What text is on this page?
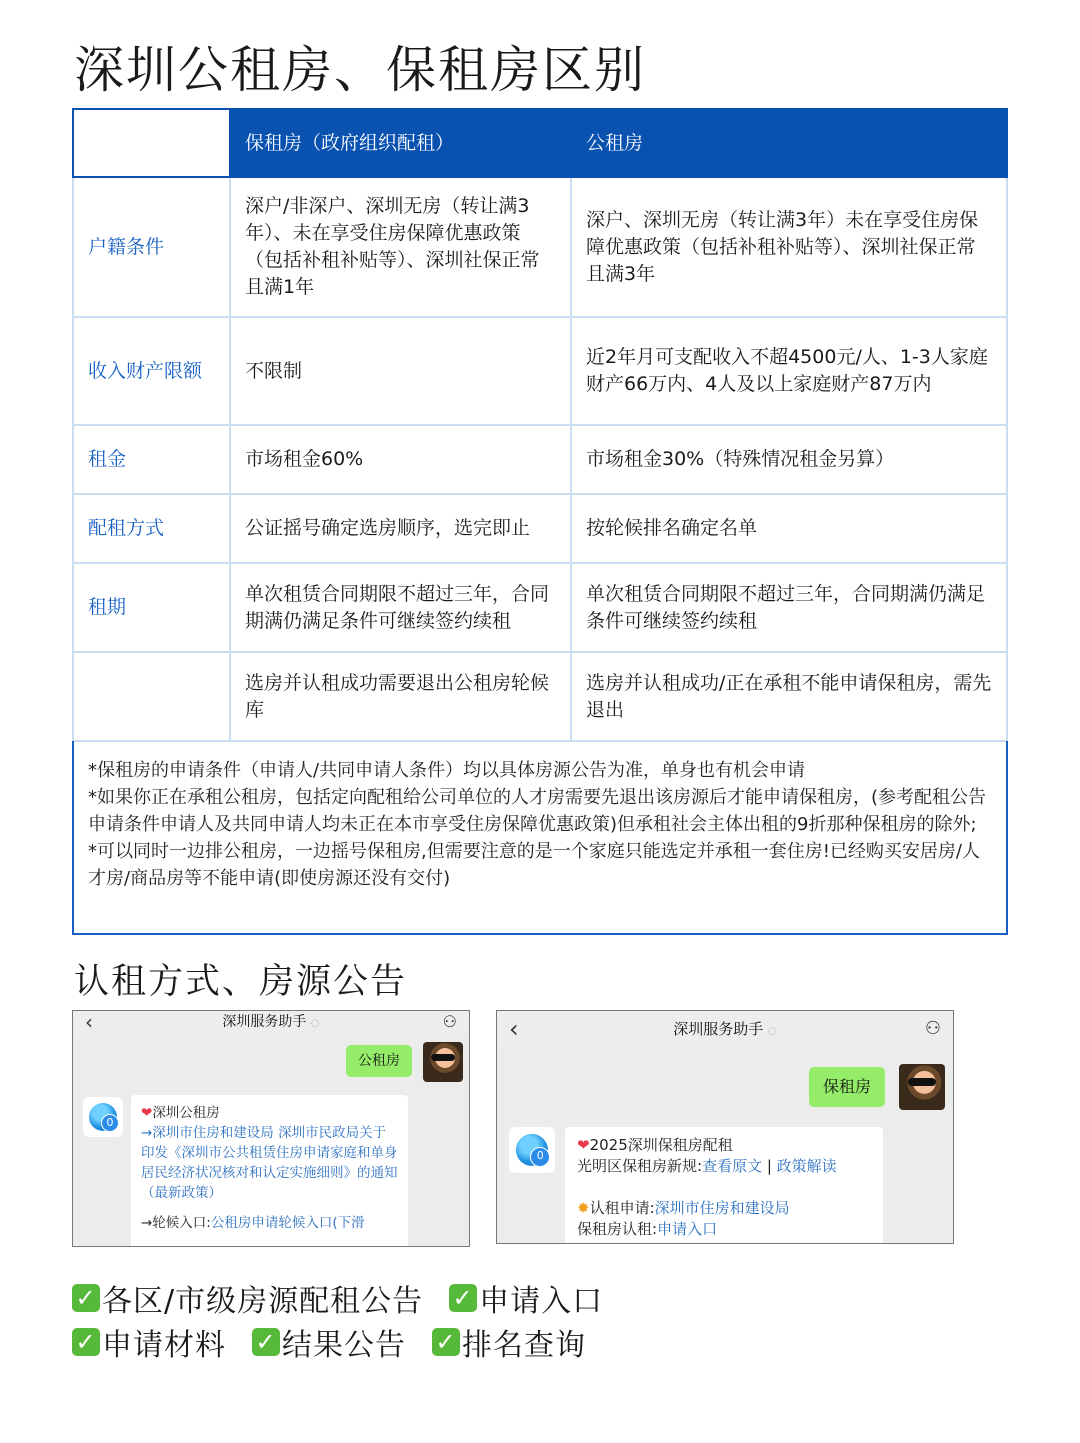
深圳公租房、保租房区别
	保租房（政府组织配租）	公租房
户籍条件	深户/非深户、深圳无房（转让满3年）、未在享受住房保障优惠政策（包括补租补贴等）、深圳社保正常且满1年	深户、深圳无房（转让满3年）未在享受住房保障优惠政策（包括补租补贴等）、深圳社保正常且满3年
收入财产限额	不限制	近2年月可支配收入不超4500元/人、1-3人家庭财产66万内、4人及以上家庭财产87万内
租金	市场租金60%	市场租金30%（特殊情况租金另算）
配租方式	公证摇号确定选房顺序，选完即止	按轮候排名确定名单
租期	单次租赁合同期限不超过三年，合同期满仍满足条件可继续签约续租	单次租赁合同期限不超过三年，合同期满仍满足条件可继续签约续租
	选房并认租成功需要退出公租房轮候库	选房并认租成功/正在承租不能申请保租房，需先退出

*保租房的申请条件（申请人/共同申请人条件）均以具体房源公告为准，单身也有机会申请

*如果你正在承租公租房，包括定向配租给公司单位的人才房需要先退出该房源后才能申请保租房，(参考配租公告申请条件申请人及共同申请人均未正在本市享受住房保障优惠政策)但承租社会主体出租的9折那种保租房的除外;

*可以同时一边排公租房，一边摇号保租房,但需要注意的是一个家庭只能选定并承租一套住房!已经购买安居房/人才房/商品房等不能申请(即使房源还没有交付)

认租方式、房源公告
‹	深圳服务助手 ◌	⚇
公租房
0
❤深圳公租房
→深圳市住房和建设局 深圳市民政局关于印发《深圳市公共租赁住房申请家庭和单身居民经济状况核对和认定实施细则》的通知（最新政策）
→轮候入口:公租房申请轮候入口(下滑
‹	深圳服务助手 ◌	⚇
保租房
0
❤2025深圳保租房配租
光明区保租房新规:查看原文 | 政策解读
✹认租申请:深圳市住房和建设局
保租房认租:申请入口
✓ 各区/市级房源配租公告 ✓ 申请入口
✓ 申请材料 ✓ 结果公告 ✓ 排名查询
